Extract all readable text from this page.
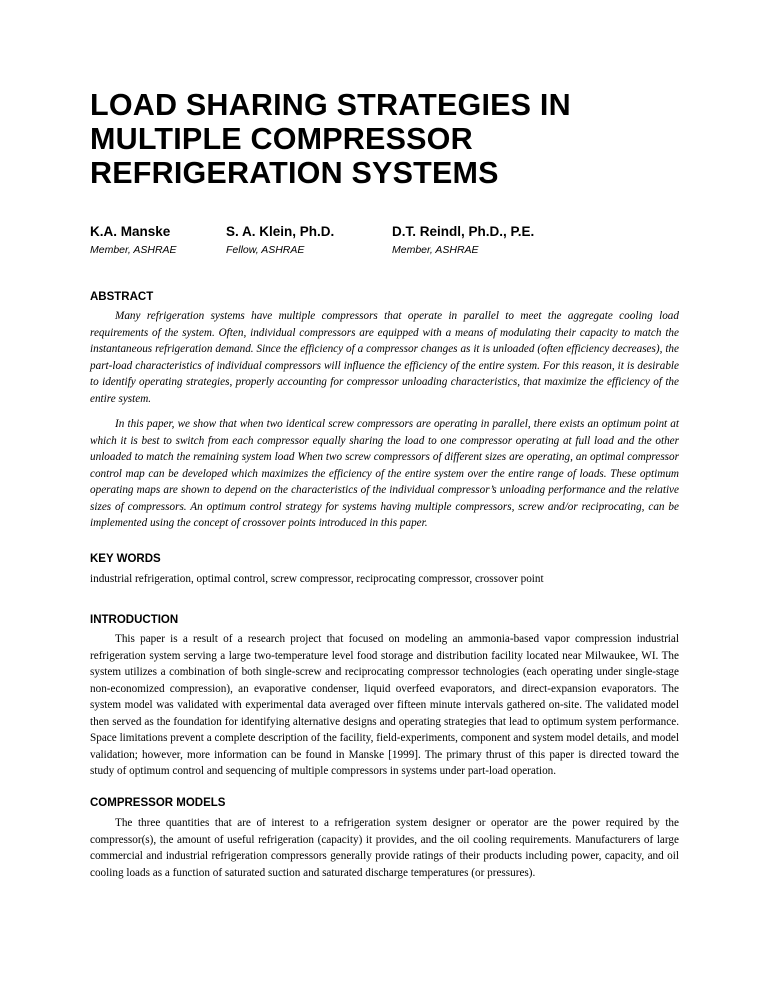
LOAD SHARING STRATEGIES IN
MULTIPLE COMPRESSOR
REFRIGERATION SYSTEMS
K.A. Manske
Member, ASHRAE
S. A. Klein, Ph.D.
Fellow, ASHRAE
D.T. Reindl, Ph.D., P.E.
Member, ASHRAE
ABSTRACT

Many refrigeration systems have multiple compressors that operate in parallel to meet the aggregate cooling load requirements of the system. Often, individual compressors are equipped with a means of modulating their capacity to match the instantaneous refrigeration demand. Since the efficiency of a compressor changes as it is unloaded (often efficiency decreases), the part-load characteristics of individual compressors will influence the efficiency of the entire system. For this reason, it is desirable to identify operating strategies, properly accounting for compressor unloading characteristics, that maximize the efficiency of the entire system.

In this paper, we show that when two identical screw compressors are operating in parallel, there exists an optimum point at which it is best to switch from each compressor equally sharing the load to one compressor operating at full load and the other unloaded to match the remaining system load When two screw compressors of different sizes are operating, an optimal compressor control map can be developed which maximizes the efficiency of the entire system over the entire range of loads. These optimum operating maps are shown to depend on the characteristics of the individual compressor’s unloading performance and the relative sizes of compressors. An optimum control strategy for systems having multiple compressors, screw and/or reciprocating, can be implemented using the concept of crossover points introduced in this paper.

KEY WORDS

industrial refrigeration, optimal control, screw compressor, reciprocating compressor, crossover point

INTRODUCTION

This paper is a result of a research project that focused on modeling an ammonia-based vapor compression industrial refrigeration system serving a large two-temperature level food storage and distribution facility located near Milwaukee, WI. The system utilizes a combination of both single-screw and reciprocating compressor technologies (each operating under single-stage non-economized compression), an evaporative condenser, liquid overfeed evaporators, and direct-expansion evaporators. The system model was validated with experimental data averaged over fifteen minute intervals gathered on-site. The validated model then served as the foundation for identifying alternative designs and operating strategies that lead to optimum system performance. Space limitations prevent a complete description of the facility, field-experiments, component and system model details, and model validation; however, more information can be found in Manske [1999]. The primary thrust of this paper is directed toward the study of optimum control and sequencing of multiple compressors in systems under part-load operation.

COMPRESSOR MODELS

The three quantities that are of interest to a refrigeration system designer or operator are the power required by the compressor(s), the amount of useful refrigeration (capacity) it provides, and the oil cooling requirements. Manufacturers of large commercial and industrial refrigeration compressors generally provide ratings of their products including power, capacity, and oil cooling loads as a function of saturated suction and saturated discharge temperatures (or pressures).
